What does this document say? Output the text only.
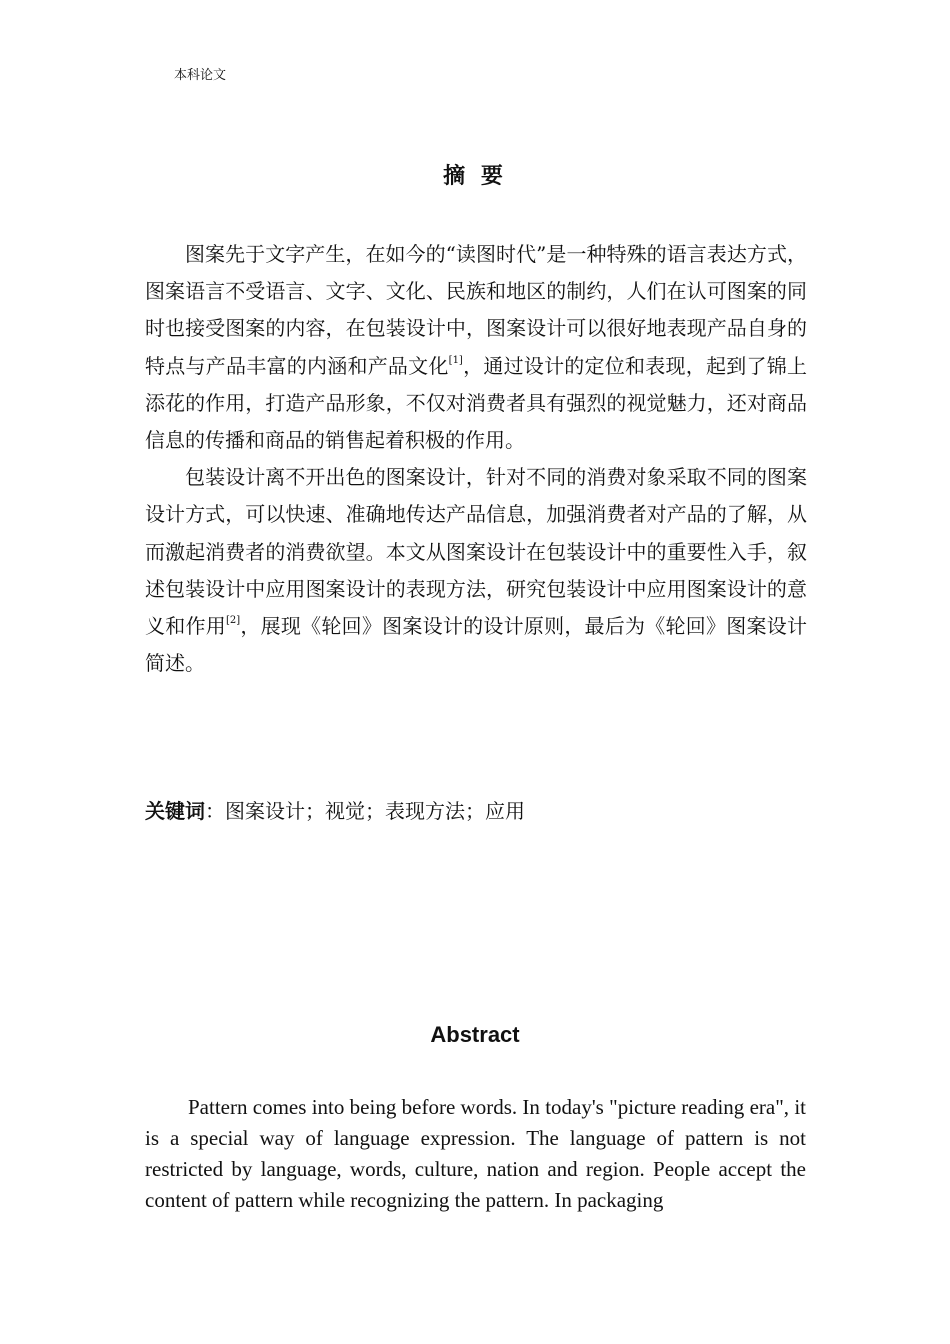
本科论文
摘 要

图案先于文字产生，在如今的“读图时代”是一种特殊的语言表达方式，图案语言不受语言、文字、文化、民族和地区的制约，人们在认可图案的同时也接受图案的内容，在包装设计中，图案设计可以很好地表现产品自身的特点与产品丰富的内涵和产品文化[1]，通过设计的定位和表现，起到了锦上添花的作用，打造产品形象，不仅对消费者具有强烈的视觉魅力，还对商品信息的传播和商品的销售起着积极的作用。

包装设计离不开出色的图案设计，针对不同的消费对象采取不同的图案设计方式，可以快速、准确地传达产品信息，加强消费者对产品的了解，从而激起消费者的消费欲望。本文从图案设计在包装设计中的重要性入手，叙述包装设计中应用图案设计的表现方法，研究包装设计中应用图案设计的意义和作用[2]，展现《轮回》图案设计的设计原则，最后为《轮回》图案设计简述。

关键词：图案设计；视觉；表现方法；应用
Abstract

Pattern comes into being before words. In today's "picture reading era", it is a special way of language expression. The language of pattern is not restricted by language, words, culture, nation and region. People accept the content of pattern while recognizing the pattern. In packaging
